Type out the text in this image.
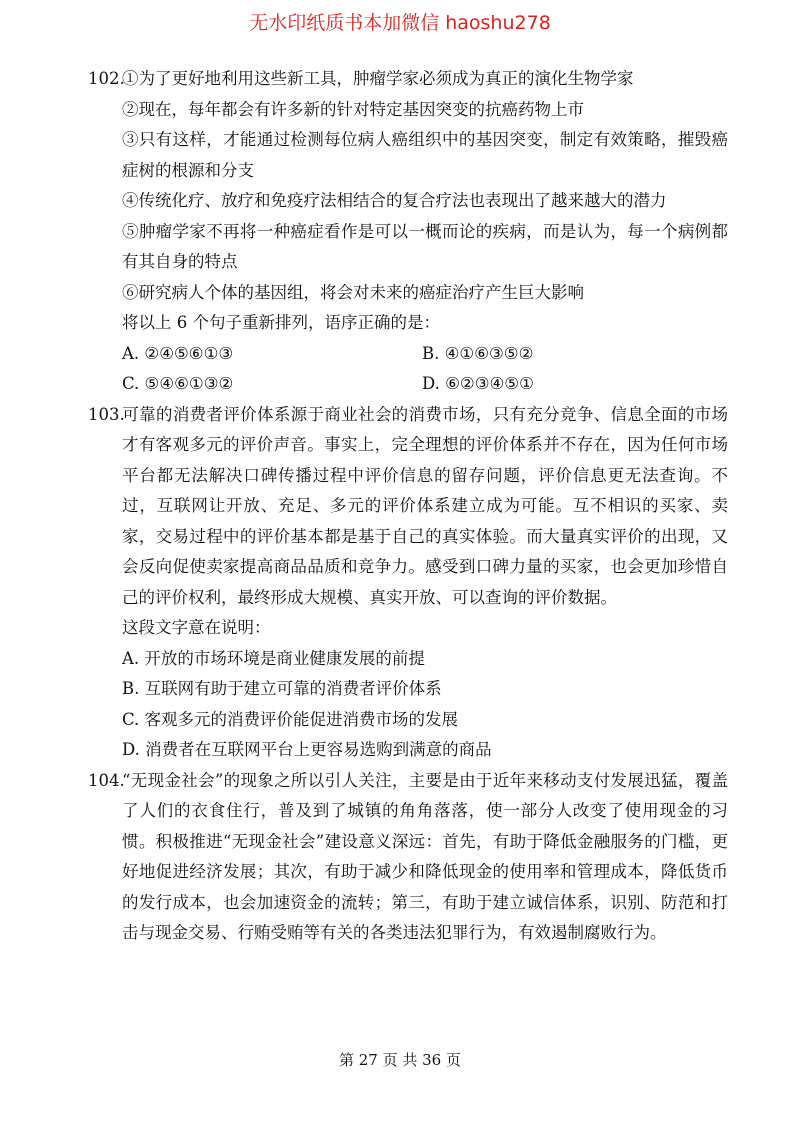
无水印纸质书本加微信 haoshu278
102.①为了更好地利用这些新工具，肿瘤学家必须成为真正的演化生物学家
②现在，每年都会有许多新的针对特定基因突变的抗癌药物上市
③只有这样，才能通过检测每位病人癌组织中的基因突变，制定有效策略，摧毁癌症树的根源和分支
④传统化疗、放疗和免疫疗法相结合的复合疗法也表现出了越来越大的潜力
⑤肿瘤学家不再将一种癌症看作是可以一概而论的疾病，而是认为，每一个病例都有其自身的特点
⑥研究病人个体的基因组，将会对未来的癌症治疗产生巨大影响
将以上 6 个句子重新排列，语序正确的是：
A. ②④⑤⑥①③	B. ④①⑥③⑤②
C. ⑤④⑥①③②	D. ⑥②③④⑤①
103.可靠的消费者评价体系源于商业社会的消费市场，只有充分竞争、信息全面的市场才有客观多元的评价声音。事实上，完全理想的评价体系并不存在，因为任何市场平台都无法解决口碑传播过程中评价信息的留存问题，评价信息更无法查询。不过，互联网让开放、充足、多元的评价体系建立成为可能。互不相识的买家、卖家，交易过程中的评价基本都是基于自己的真实体验。而大量真实评价的出现，又会反向促使卖家提高商品品质和竞争力。感受到口碑力量的买家，也会更加珍惜自己的评价权利，最终形成大规模、真实开放、可以查询的评价数据。
这段文字意在说明：
A. 开放的市场环境是商业健康发展的前提
B. 互联网有助于建立可靠的消费者评价体系
C. 客观多元的消费评价能促进消费市场的发展
D. 消费者在互联网平台上更容易选购到满意的商品
104.“无现金社会”的现象之所以引人关注，主要是由于近年来移动支付发展迅猛，覆盖了人们的衣食住行，普及到了城镇的角角落落，使一部分人改变了使用现金的习惯。积极推进“无现金社会”建设意义深远：首先，有助于降低金融服务的门槛，更好地促进经济发展；其次，有助于减少和降低现金的使用率和管理成本，降低货币的发行成本，也会加速资金的流转；第三，有助于建立诚信体系，识别、防范和打击与现金交易、行贿受贿等有关的各类违法犯罪行为，有效遏制腐败行为。
第 27 页 共 36 页
